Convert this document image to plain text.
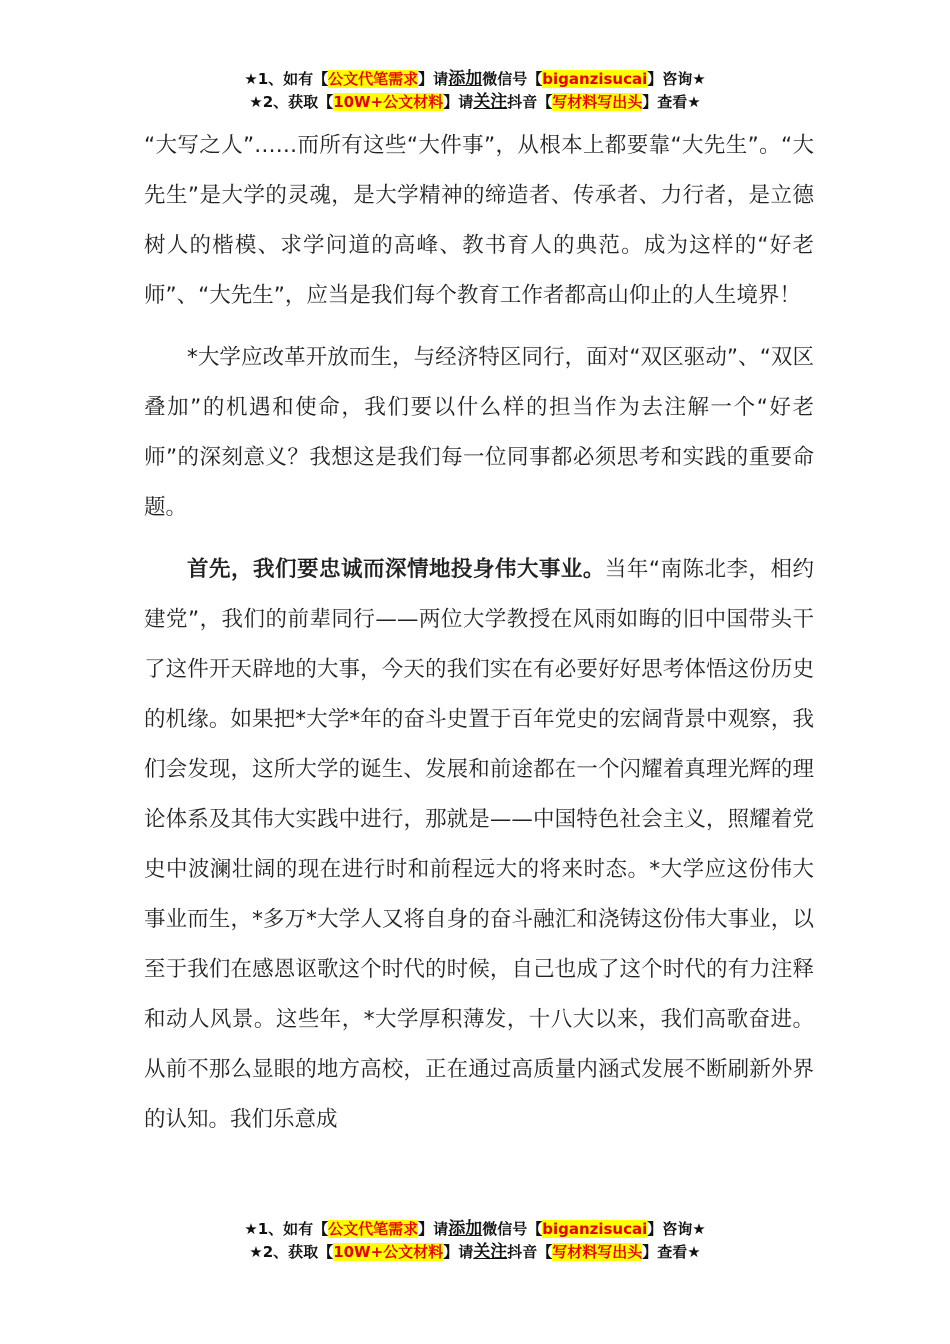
★1、如有【公文代笔需求】请添加微信号【biganzisucai】咨询★
★2、获取【10W+公文材料】请关注抖音【写材料写出头】查看★

“大写之人”……而所有这些“大件事”，从根本上都要靠“大先生”。“大先生”是大学的灵魂，是大学精神的缔造者、传承者、力行者，是立德树人的楷模、求学问道的高峰、教书育人的典范。成为这样的“好老师”、“大先生”，应当是我们每个教育工作者都高山仰止的人生境界！

*大学应改革开放而生，与经济特区同行，面对“双区驱动”、“双区叠加”的机遇和使命，我们要以什么样的担当作为去注解一个“好老师”的深刻意义？我想这是我们每一位同事都必须思考和实践的重要命题。

首先，我们要忠诚而深情地投身伟大事业。当年“南陈北李，相约建党”，我们的前辈同行——两位大学教授在风雨如晦的旧中国带头干了这件开天辟地的大事，今天的我们实在有必要好好思考体悟这份历史的机缘。如果把*大学*年的奋斗史置于百年党史的宏阔背景中观察，我们会发现，这所大学的诞生、发展和前途都在一个闪耀着真理光辉的理论体系及其伟大实践中进行，那就是——中国特色社会主义，照耀着党史中波澜壮阔的现在进行时和前程远大的将来时态。*大学应这份伟大事业而生，*多万*大学人又将自身的奋斗融汇和浇铸这份伟大事业，以至于我们在感恩讴歌这个时代的时候，自己也成了这个时代的有力注释和动人风景。这些年，*大学厚积薄发，十八大以来，我们高歌奋进。从前不那么显眼的地方高校，正在通过高质量内涵式发展不断刷新外界的认知。我们乐意成

★1、如有【公文代笔需求】请添加微信号【biganzisucai】咨询★
★2、获取【10W+公文材料】请关注抖音【写材料写出头】查看★
